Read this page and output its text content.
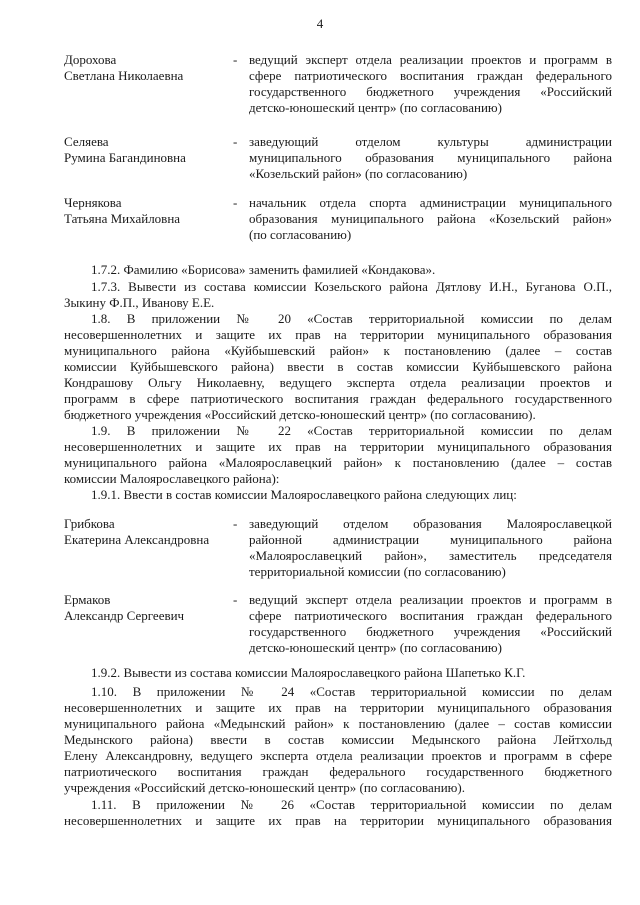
4
Дорохова
Светлана Николаевна
- ведущий эксперт отдела реализации проектов и программ в
сфере патриотического воспитания граждан федерального
государственного бюджетного учреждения «Российский
детско-юношеский центр» (по согласованию)
Селяева
Румина Багандиновна
- заведующий отделом культуры администрации
муниципального образования муниципального района
«Козельский район» (по согласованию)
Чернякова
Татьяна Михайловна
- начальник отдела спорта администрации муниципального
образования муниципального района «Козельский район»
(по согласованию)
1.7.2. Фамилию «Борисова» заменить фамилией «Кондакова».
1.7.3. Вывести из состава комиссии Козельского района Дятлову И.Н., Буганова О.П.,
Зыкину Ф.П., Иванову Е.Е.
1.8. В приложении № 20 «Состав территориальной комиссии по делам
несовершеннолетних и защите их прав на территории муниципального образования
муниципального района «Куйбышевский район» к постановлению (далее – состав
комиссии Куйбышевского района) ввести в состав комиссии Куйбышевского района
Кондрашову Ольгу Николаевну, ведущего эксперта отдела реализации проектов и
программ в сфере патриотического воспитания граждан федерального государственного
бюджетного учреждения «Российский детско-юношеский центр» (по согласованию).
1.9. В приложении № 22 «Состав территориальной комиссии по делам
несовершеннолетних и защите их прав на территории муниципального образования
муниципального района «Малоярославецкий район» к постановлению (далее – состав
комиссии Малоярославецкого района):
1.9.1. Ввести в состав комиссии Малоярославецкого района следующих лиц:
Грибкова
Екатерина Александровна
- заведующий отделом образования Малоярославецкой
районной администрации муниципального района
«Малоярославецкий район», заместитель председателя
территориальной комиссии (по согласованию)
Ермаков
Александр Сергеевич
- ведущий эксперт отдела реализации проектов и программ в
сфере патриотического воспитания граждан федерального
государственного бюджетного учреждения «Российский
детско-юношеский центр» (по согласованию)
1.9.2. Вывести из состава комиссии Малоярославецкого района Шапетько К.Г.
1.10. В приложении № 24 «Состав территориальной комиссии по делам
несовершеннолетних и защите их прав на территории муниципального образования
муниципального района «Медынский район» к постановлению (далее – состав комиссии
Медынского района) ввести в состав комиссии Медынского района Лейтхольд
Елену Александровну, ведущего эксперта отдела реализации проектов и программ в сфере
патриотического воспитания граждан федерального государственного бюджетного
учреждения «Российский детско-юношеский центр» (по согласованию).
1.11. В приложении № 26 «Состав территориальной комиссии по делам
несовершеннолетних и защите их прав на территории муниципального образования
